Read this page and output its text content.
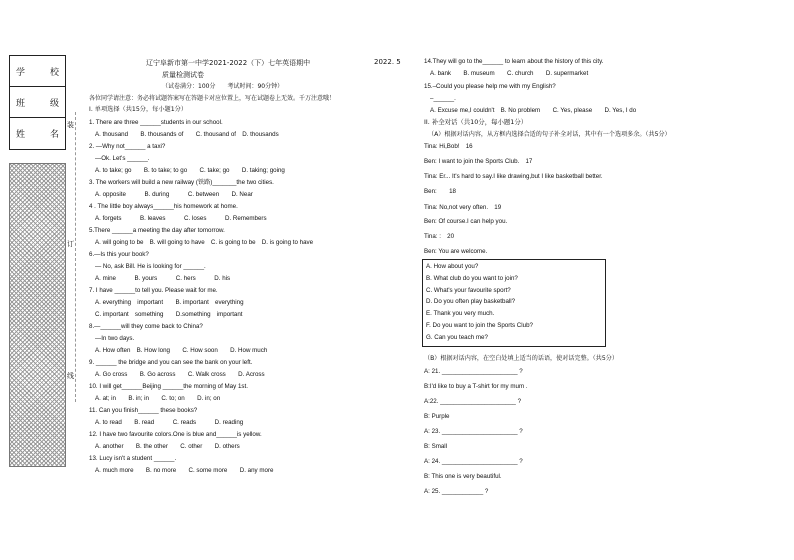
学	校
班	级
姓	名
装
订
线
辽宁阜新市第一中学2021-2022（下）七年英语期中	2022. 5
质量检测试卷
（试卷满分：100分　　考试时间：90分钟）
各位同学请注意：务必将试题答案写在答题卡对应位置上，写在试题卷上无效。千万注意哦！
I. 单项选择（共15分，每小题1分）
1. There are three ______students in our school.
A. thousand　　B. thousands of　　C. thousand of　D. thousands
2. —Why not______ a taxi?
—Ok. Let's ______.
A. to take; go　　B. to take; to go　　C. take; go　　D. taking; going
3. The workers will build a new railway (铁路)_______the two cities.
A. opposite　　　B. during　　　C. between　　D. Near
4 . The little boy always______his homework at home.
A. forgets　　　B. leaves　　　C. loses　　　D. Remembers
5.There ______a meeting the day after tomorrow.
A. will going to be　B. will going to have　C. is going to be　D. is going to have
6.—Is this your book?
— No, ask Bill. He is looking for ______.
A. mine　　　B. yours　　　C. hers　　　D. his
7. I have ______to tell you. Please wait for me.
A. everything　important　　B. important　everything
C. important　something　　D.something　important
8.—______will they come back to China?
—In two days.
A. How often　B. How long　　C. How soon　　D. How much
9. ______ the bridge and you can see the bank on your left.
A. Go cross　　B. Go across　　C. Walk cross　　D. Across
10. I will get______Beijing ______the morning of May 1st.
A. at; in　　B. in; in　　C. to; on　　D. in; on
11. Can you finish______ these books?
A. to read　　B. read　　　C. reads　　　D. reading
12. I have two favourite colors.One is blue and______is yellow.
A. another　　B. the other　　C. other　　D. others
13. Lucy isn't a student ______.
A. much more　　B. no more　　C. some more　　D. any more
14.They will go to the______ to learn about the history of this city.
A. bank　　B. museum　　C. church　　D. supermarket
15.–Could you please help me with my English?
–______.
A. Excuse me,I couldn't　B. No problem　　C. Yes, please　　D. Yes, I do
II. 补全对话（共10分，每小题1分）
（A）根据对话内容，从方框内选择合适的句子补全对话，其中有一个选项多余。（共5分）
Tina: Hi,Bob!　16　
Ben: I want to join the Sports Club.　17　
Tina: Er... It's hard to say.I like drawing,but I like basketball better.
Ben:　　18　
Tina: No,not very often.　19　
Ben: Of course.I can help you.
Tina: :　20　
Ben: You are welcome.
A. How about you?
B. What club do you want to join?
C. What's your favourite sport?
D. Do you often play basketball?
E. Thank you very much.
F. Do you want to join the Sports Club?
G. Can you teach me?
（B）根据对话内容，在空白处填上适当的话语，使对话完整。（共5分）
A: 21. ______________________ ?
B:I'd like to buy a T-shirt for my mum .
A:22. ______________________ ?
B: Purple
A: 23. ______________________ ?
B: Small
A: 24. ______________________ ?
B: This one is very beautiful.
A: 25. ____________ ?
